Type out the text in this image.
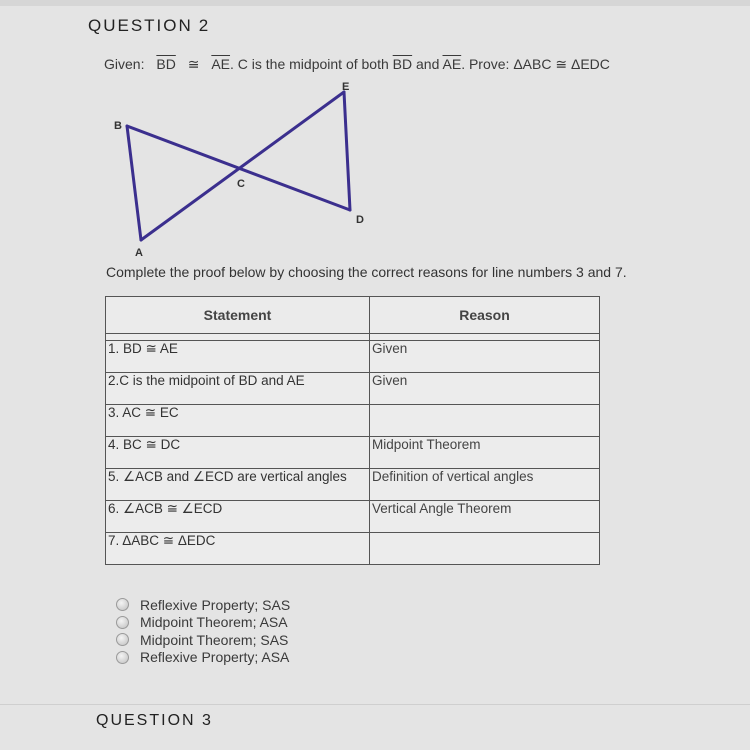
QUESTION 2
Given: $\overline{BD}$ ≅ $\overline{AE}$. C is the midpoint of both $\overline{BD}$ and $\overline{AE}$. Prove: ΔABC ≅ ΔEDC
B
A
C
D
E
Complete the proof below by choosing the correct reasons for line numbers 3 and 7.
Statement	Reason

1. BD ≅ AE	Given
2.C is the midpoint of BD and AE	Given
3. AC ≅ EC	
4. BC ≅ DC	Midpoint Theorem
5. ∠ACB and ∠ECD are vertical angles	Definition of vertical angles
6. ∠ACB ≅ ∠ECD	Vertical Angle Theorem
7. ΔABC ≅ ΔEDC	
Reflexive Property; SAS
Midpoint Theorem; ASA
Midpoint Theorem; SAS
Reflexive Property; ASA
QUESTION 3
